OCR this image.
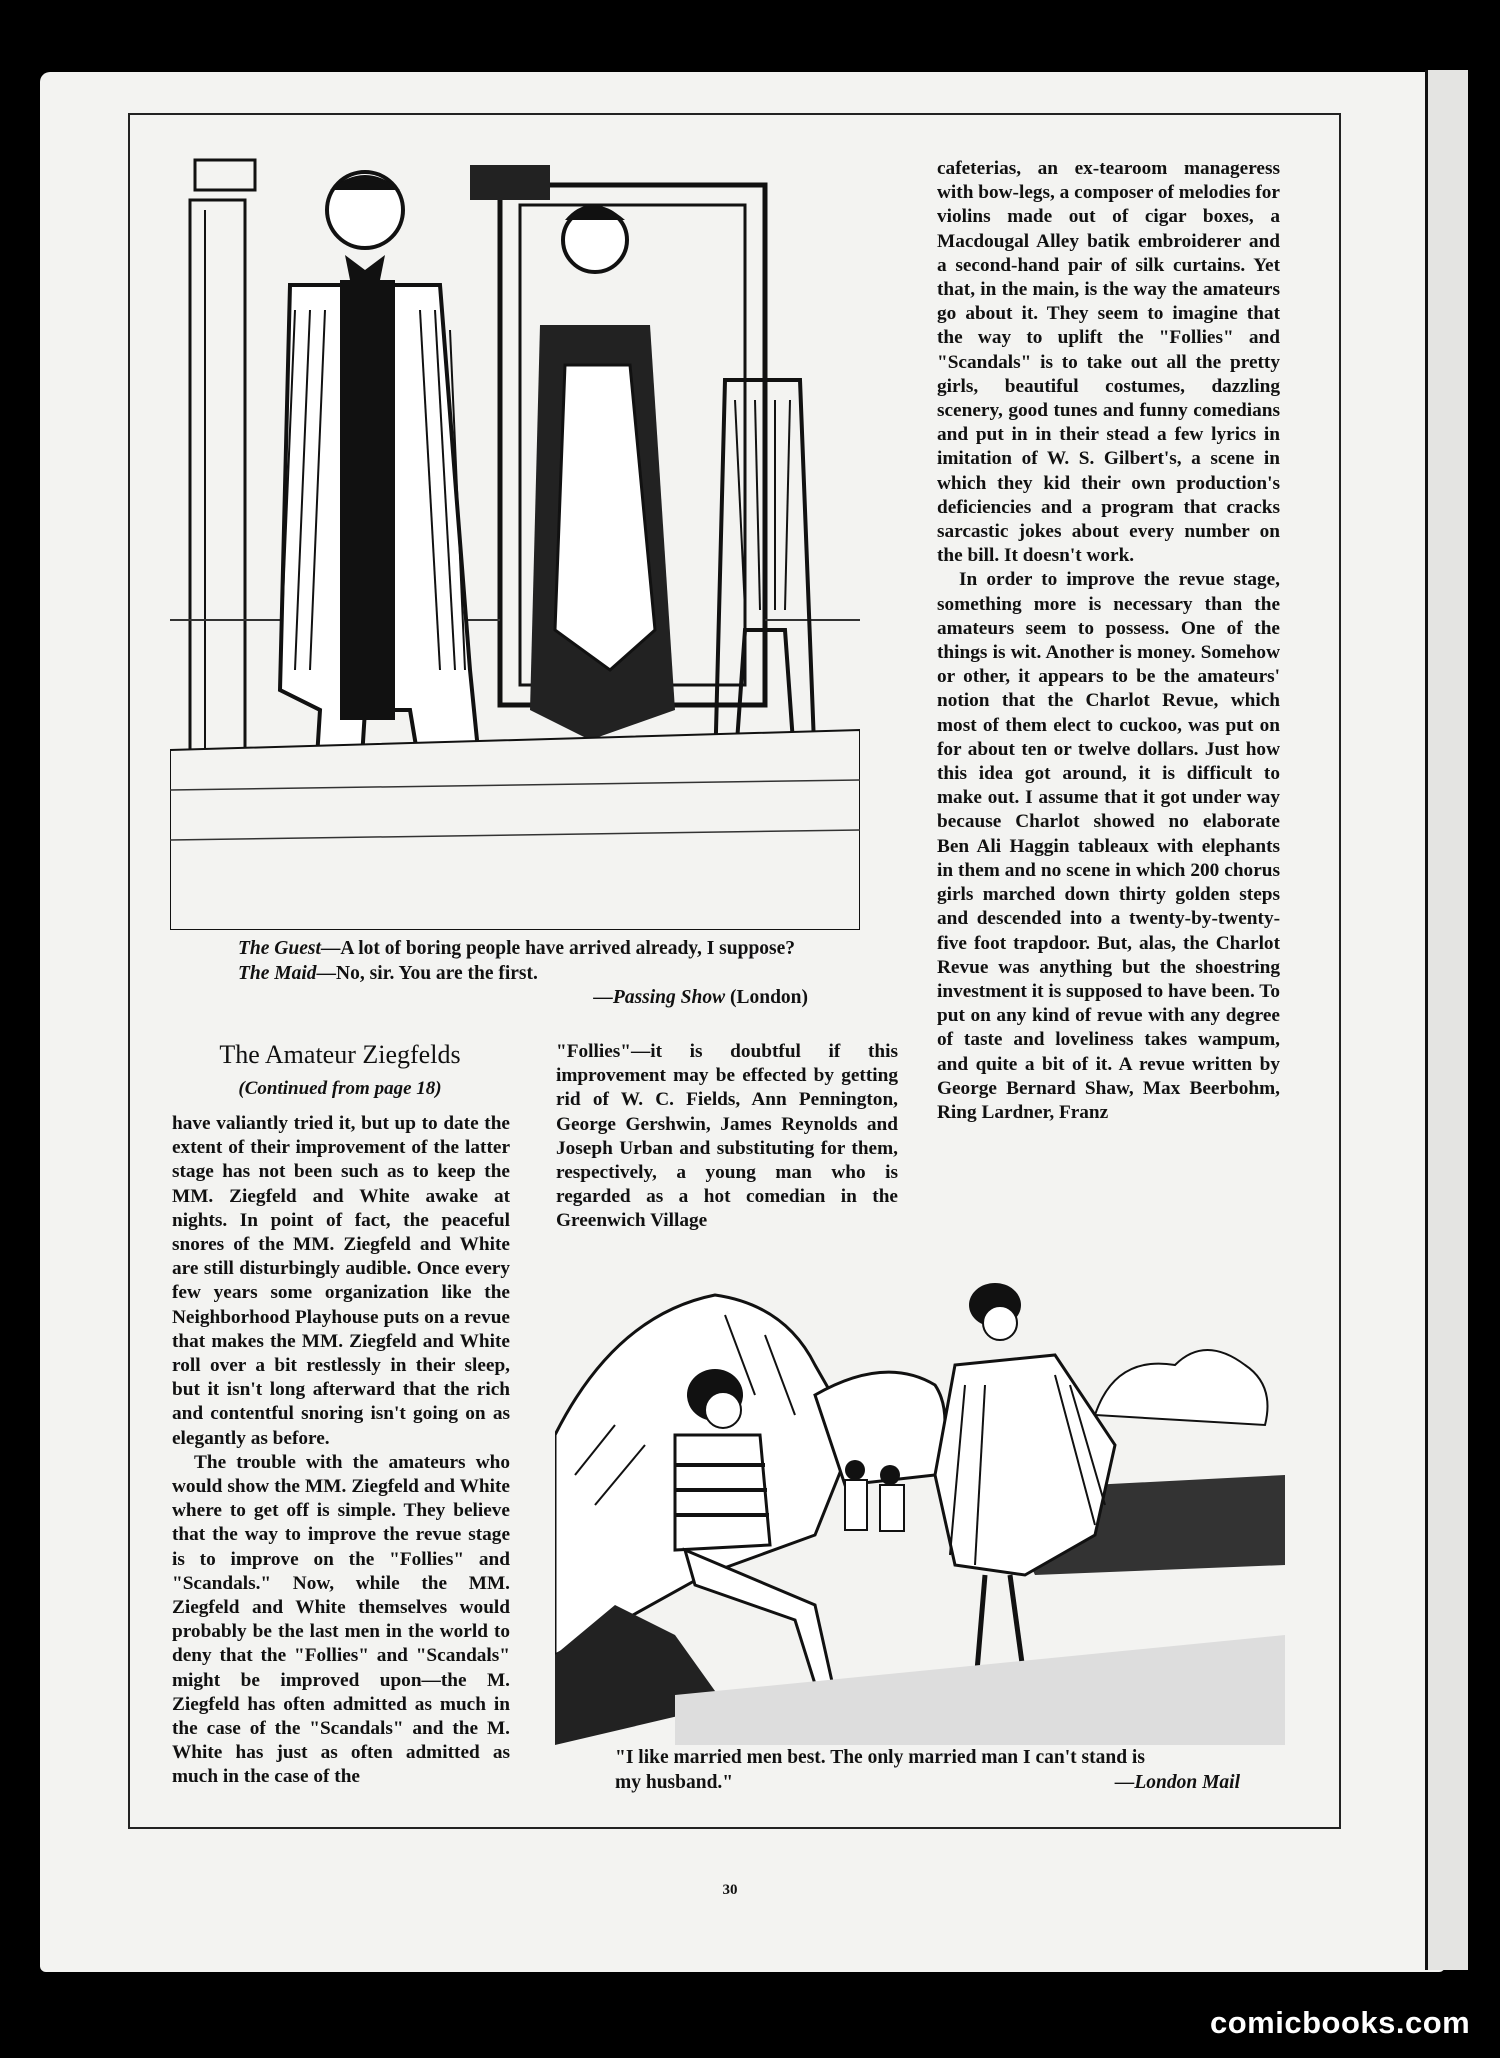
The Guest—A lot of boring people have arrived already, I suppose?
The Maid—No, sir. You are the first.
—Passing Show (London)
The Amateur Ziegfelds
(Continued from page 18)

have valiantly tried it, but up to date the extent of their improvement of the latter stage has not been such as to keep the MM. Ziegfeld and White awake at nights. In point of fact, the peaceful snores of the MM. Ziegfeld and White are still disturbingly audible. Once every few years some organization like the Neighborhood Playhouse puts on a revue that makes the MM. Ziegfeld and White roll over a bit restlessly in their sleep, but it isn't long afterward that the rich and contentful snoring isn't going on as elegantly as before.

The trouble with the amateurs who would show the MM. Ziegfeld and White where to get off is simple. They believe that the way to improve the revue stage is to improve on the "Follies" and "Scandals." Now, while the MM. Ziegfeld and White themselves would probably be the last men in the world to deny that the "Follies" and "Scandals" might be improved upon—the M. Ziegfeld has often admitted as much in the case of the "Scandals" and the M. White has just as often admitted as much in the case of the

"Follies"—it is doubtful if this improvement may be effected by getting rid of W. C. Fields, Ann Pennington, George Gershwin, James Reynolds and Joseph Urban and substituting for them, respectively, a young man who is regarded as a hot comedian in the Greenwich Village

cafeterias, an ex-tearoom manageress with bow-legs, a composer of melodies for violins made out of cigar boxes, a Macdougal Alley batik embroiderer and a second-hand pair of silk curtains. Yet that, in the main, is the way the amateurs go about it. They seem to imagine that the way to uplift the "Follies" and "Scandals" is to take out all the pretty girls, beautiful costumes, dazzling scenery, good tunes and funny comedians and put in in their stead a few lyrics in imitation of W. S. Gilbert's, a scene in which they kid their own production's deficiencies and a program that cracks sarcastic jokes about every number on the bill. It doesn't work.

In order to improve the revue stage, something more is necessary than the amateurs seem to possess. One of the things is wit. Another is money. Somehow or other, it appears to be the amateurs' notion that the Charlot Revue, which most of them elect to cuckoo, was put on for about ten or twelve dollars. Just how this idea got around, it is difficult to make out. I assume that it got under way because Charlot showed no elaborate Ben Ali Haggin tableaux with elephants in them and no scene in which 200 chorus girls marched down thirty golden steps and descended into a twenty-by-twenty-five foot trapdoor. But, alas, the Charlot Revue was anything but the shoestring investment it is supposed to have been. To put on any kind of revue with any degree of taste and loveliness takes wampum, and quite a bit of it. A revue written by George Bernard Shaw, Max Beerbohm, Ring Lardner, Franz

"I like married men best. The only married man I can't stand is
my husband."	—London Mail
30
comicbooks.com
